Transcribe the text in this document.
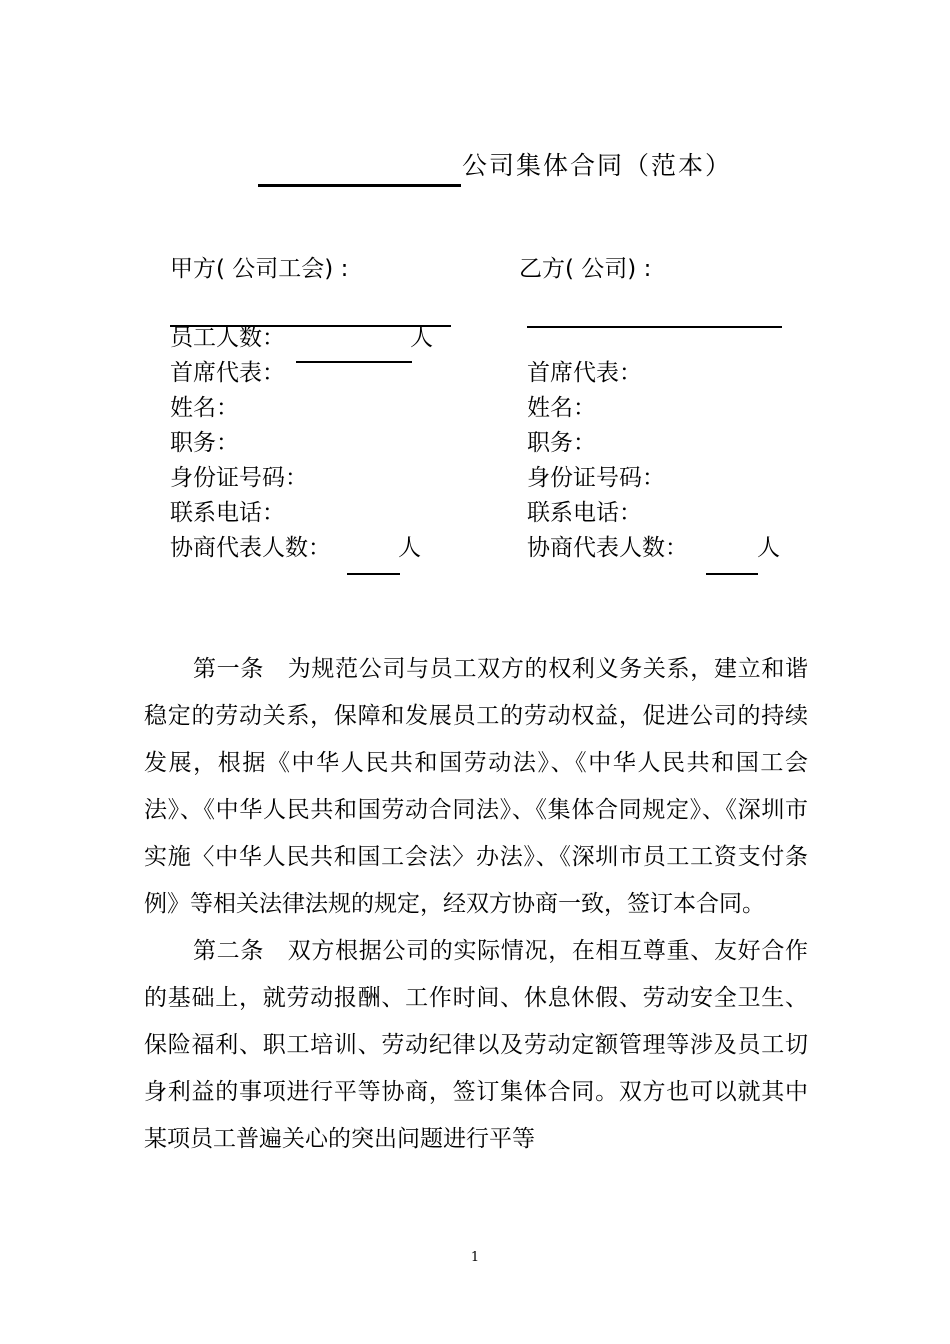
公司集体合同（范本）
甲方( 公司工会) :
员工人数：	人
首席代表：
姓名：
职务：
身份证号码：
联系电话：
协商代表人数：	人
乙方( 公司) :
首席代表：
姓名：
职务：
身份证号码：
联系电话：
协商代表人数：	人

第一条　为规范公司与员工双方的权利义务关系，建立和谐稳定的劳动关系，保障和发展员工的劳动权益，促进公司的持续发展，根据《中华人民共和国劳动法》、《中华人民共和国工会法》、《中华人民共和国劳动合同法》、《集体合同规定》、《深圳市实施〈中华人民共和国工会法〉办法》、《深圳市员工工资支付条例》等相关法律法规的规定，经双方协商一致，签订本合同。

第二条　双方根据公司的实际情况，在相互尊重、友好合作的基础上，就劳动报酬、工作时间、休息休假、劳动安全卫生、保险福利、职工培训、劳动纪律以及劳动定额管理等涉及员工切身利益的事项进行平等协商，签订集体合同。双方也可以就其中某项员工普遍关心的突出问题进行平等

1
